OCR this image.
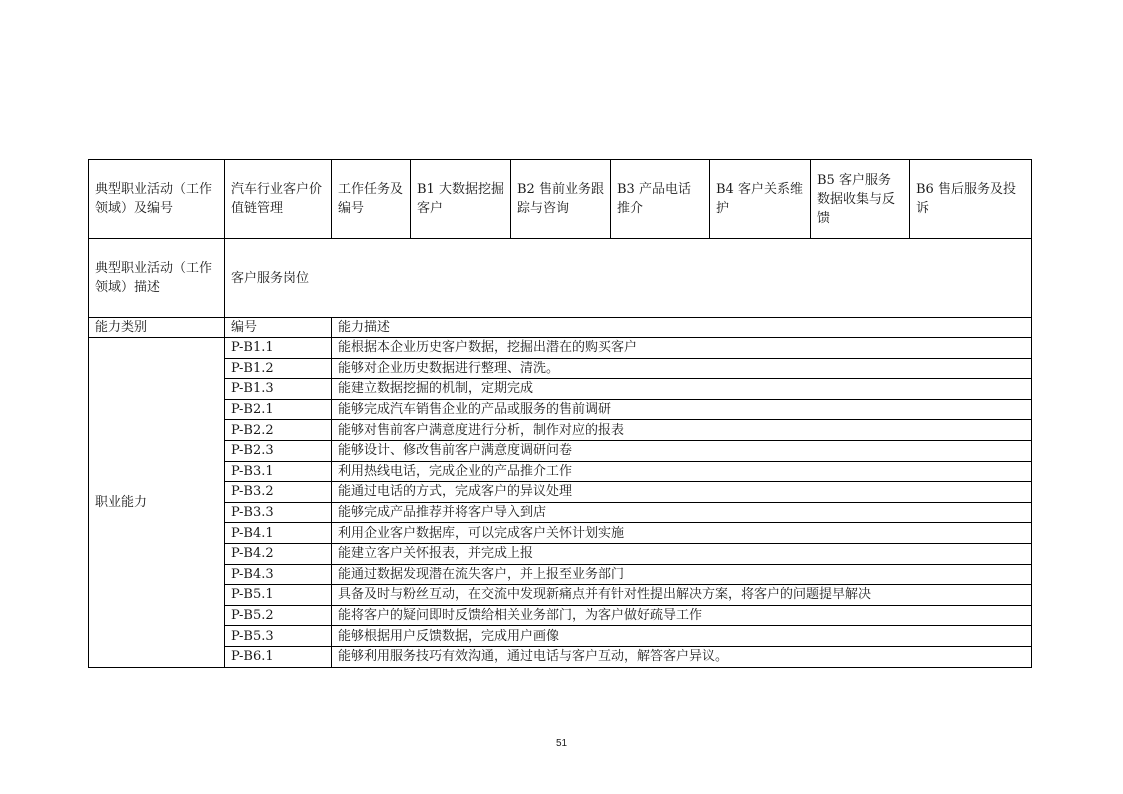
典型职业活动（工作领域）及编号	汽车行业客户价值链管理	工作任务及编号	B1 大数据挖掘客户	B2 售前业务跟踪与咨询	B3 产品电话推介	B4 客户关系维护	B5 客户服务数据收集与反馈	B6 售后服务及投诉
典型职业活动（工作领域）描述	客户服务岗位							
能力类别	编号	能力描述						
职业能力	P-B1.1	能根据本企业历史客户数据，挖掘出潜在的购买客户						
	P-B1.2	能够对企业历史数据进行整理、清洗。						
	P-B1.3	能建立数据挖掘的机制，定期完成						
	P-B2.1	能够完成汽车销售企业的产品或服务的售前调研						
	P-B2.2	能够对售前客户满意度进行分析，制作对应的报表						
	P-B2.3	能够设计、修改售前客户满意度调研问卷						
	P-B3.1	利用热线电话，完成企业的产品推介工作						
	P-B3.2	能通过电话的方式，完成客户的异议处理						
	P-B3.3	能够完成产品推荐并将客户导入到店						
	P-B4.1	利用企业客户数据库，可以完成客户关怀计划实施						
	P-B4.2	能建立客户关怀报表，并完成上报						
	P-B4.3	能通过数据发现潜在流失客户，并上报至业务部门						
	P-B5.1	具备及时与粉丝互动，在交流中发现新痛点并有针对性提出解决方案，将客户的问题提早解决						
	P-B5.2	能将客户的疑问即时反馈给相关业务部门，为客户做好疏导工作						
	P-B5.3	能够根据用户反馈数据，完成用户画像						
	P-B6.1	能够利用服务技巧有效沟通，通过电话与客户互动，解答客户异议。						
51
